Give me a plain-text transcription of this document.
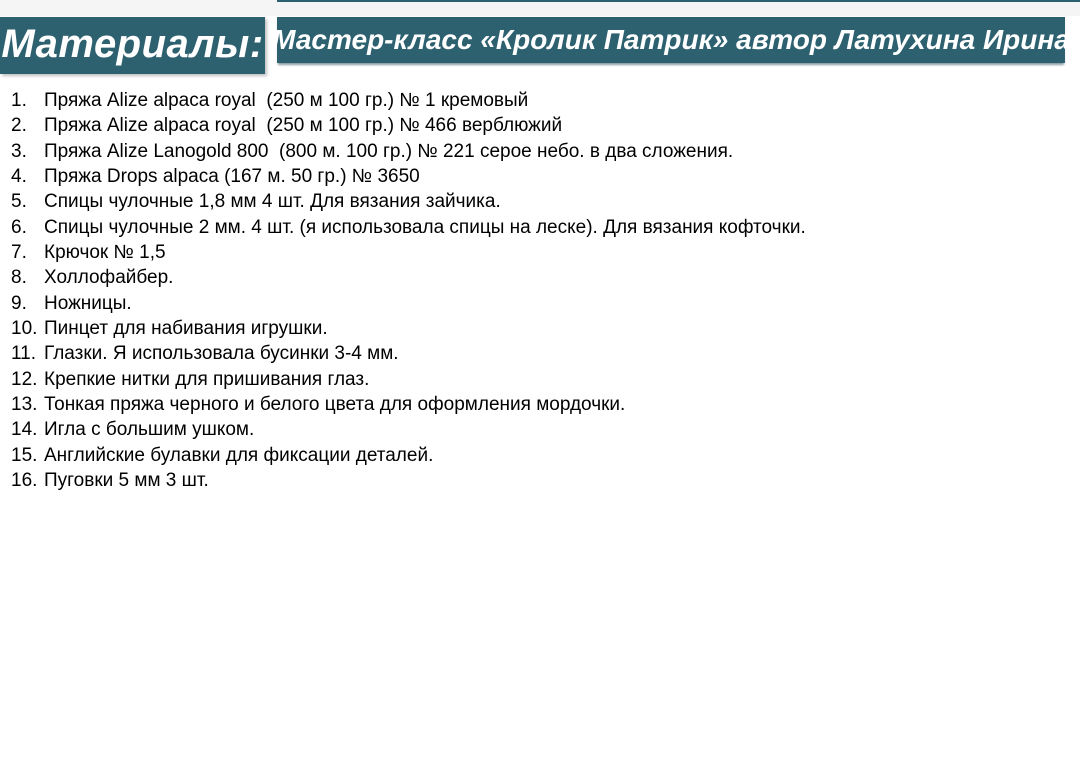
Материалы: Мастер-класс «Кролик Патрик» автор Латухина Ирина
Пряжа Alize alpaca royal  (250 м 100 гр.) № 1 кремовый
Пряжа Alize alpaca royal  (250 м 100 гр.) № 466 верблюжий
Пряжа Alize Lanogold 800  (800 м. 100 гр.) № 221 серое небо. в два сложения.
Пряжа Drops alpaca (167 м. 50 гр.) № 3650
Спицы чулочные 1,8 мм 4 шт. Для вязания зайчика.
Спицы чулочные 2 мм. 4 шт. (я использовала спицы на леске). Для вязания кофточки.
Крючок № 1,5
Холлофайбер.
Ножницы.
Пинцет для набивания игрушки.
Глазки. Я использовала бусинки 3-4 мм.
Крепкие нитки для пришивания глаз.
Тонкая пряжа черного и белого цвета для оформления мордочки.
Игла с большим ушком.
Английские булавки для фиксации деталей.
Пуговки 5 мм 3 шт.
